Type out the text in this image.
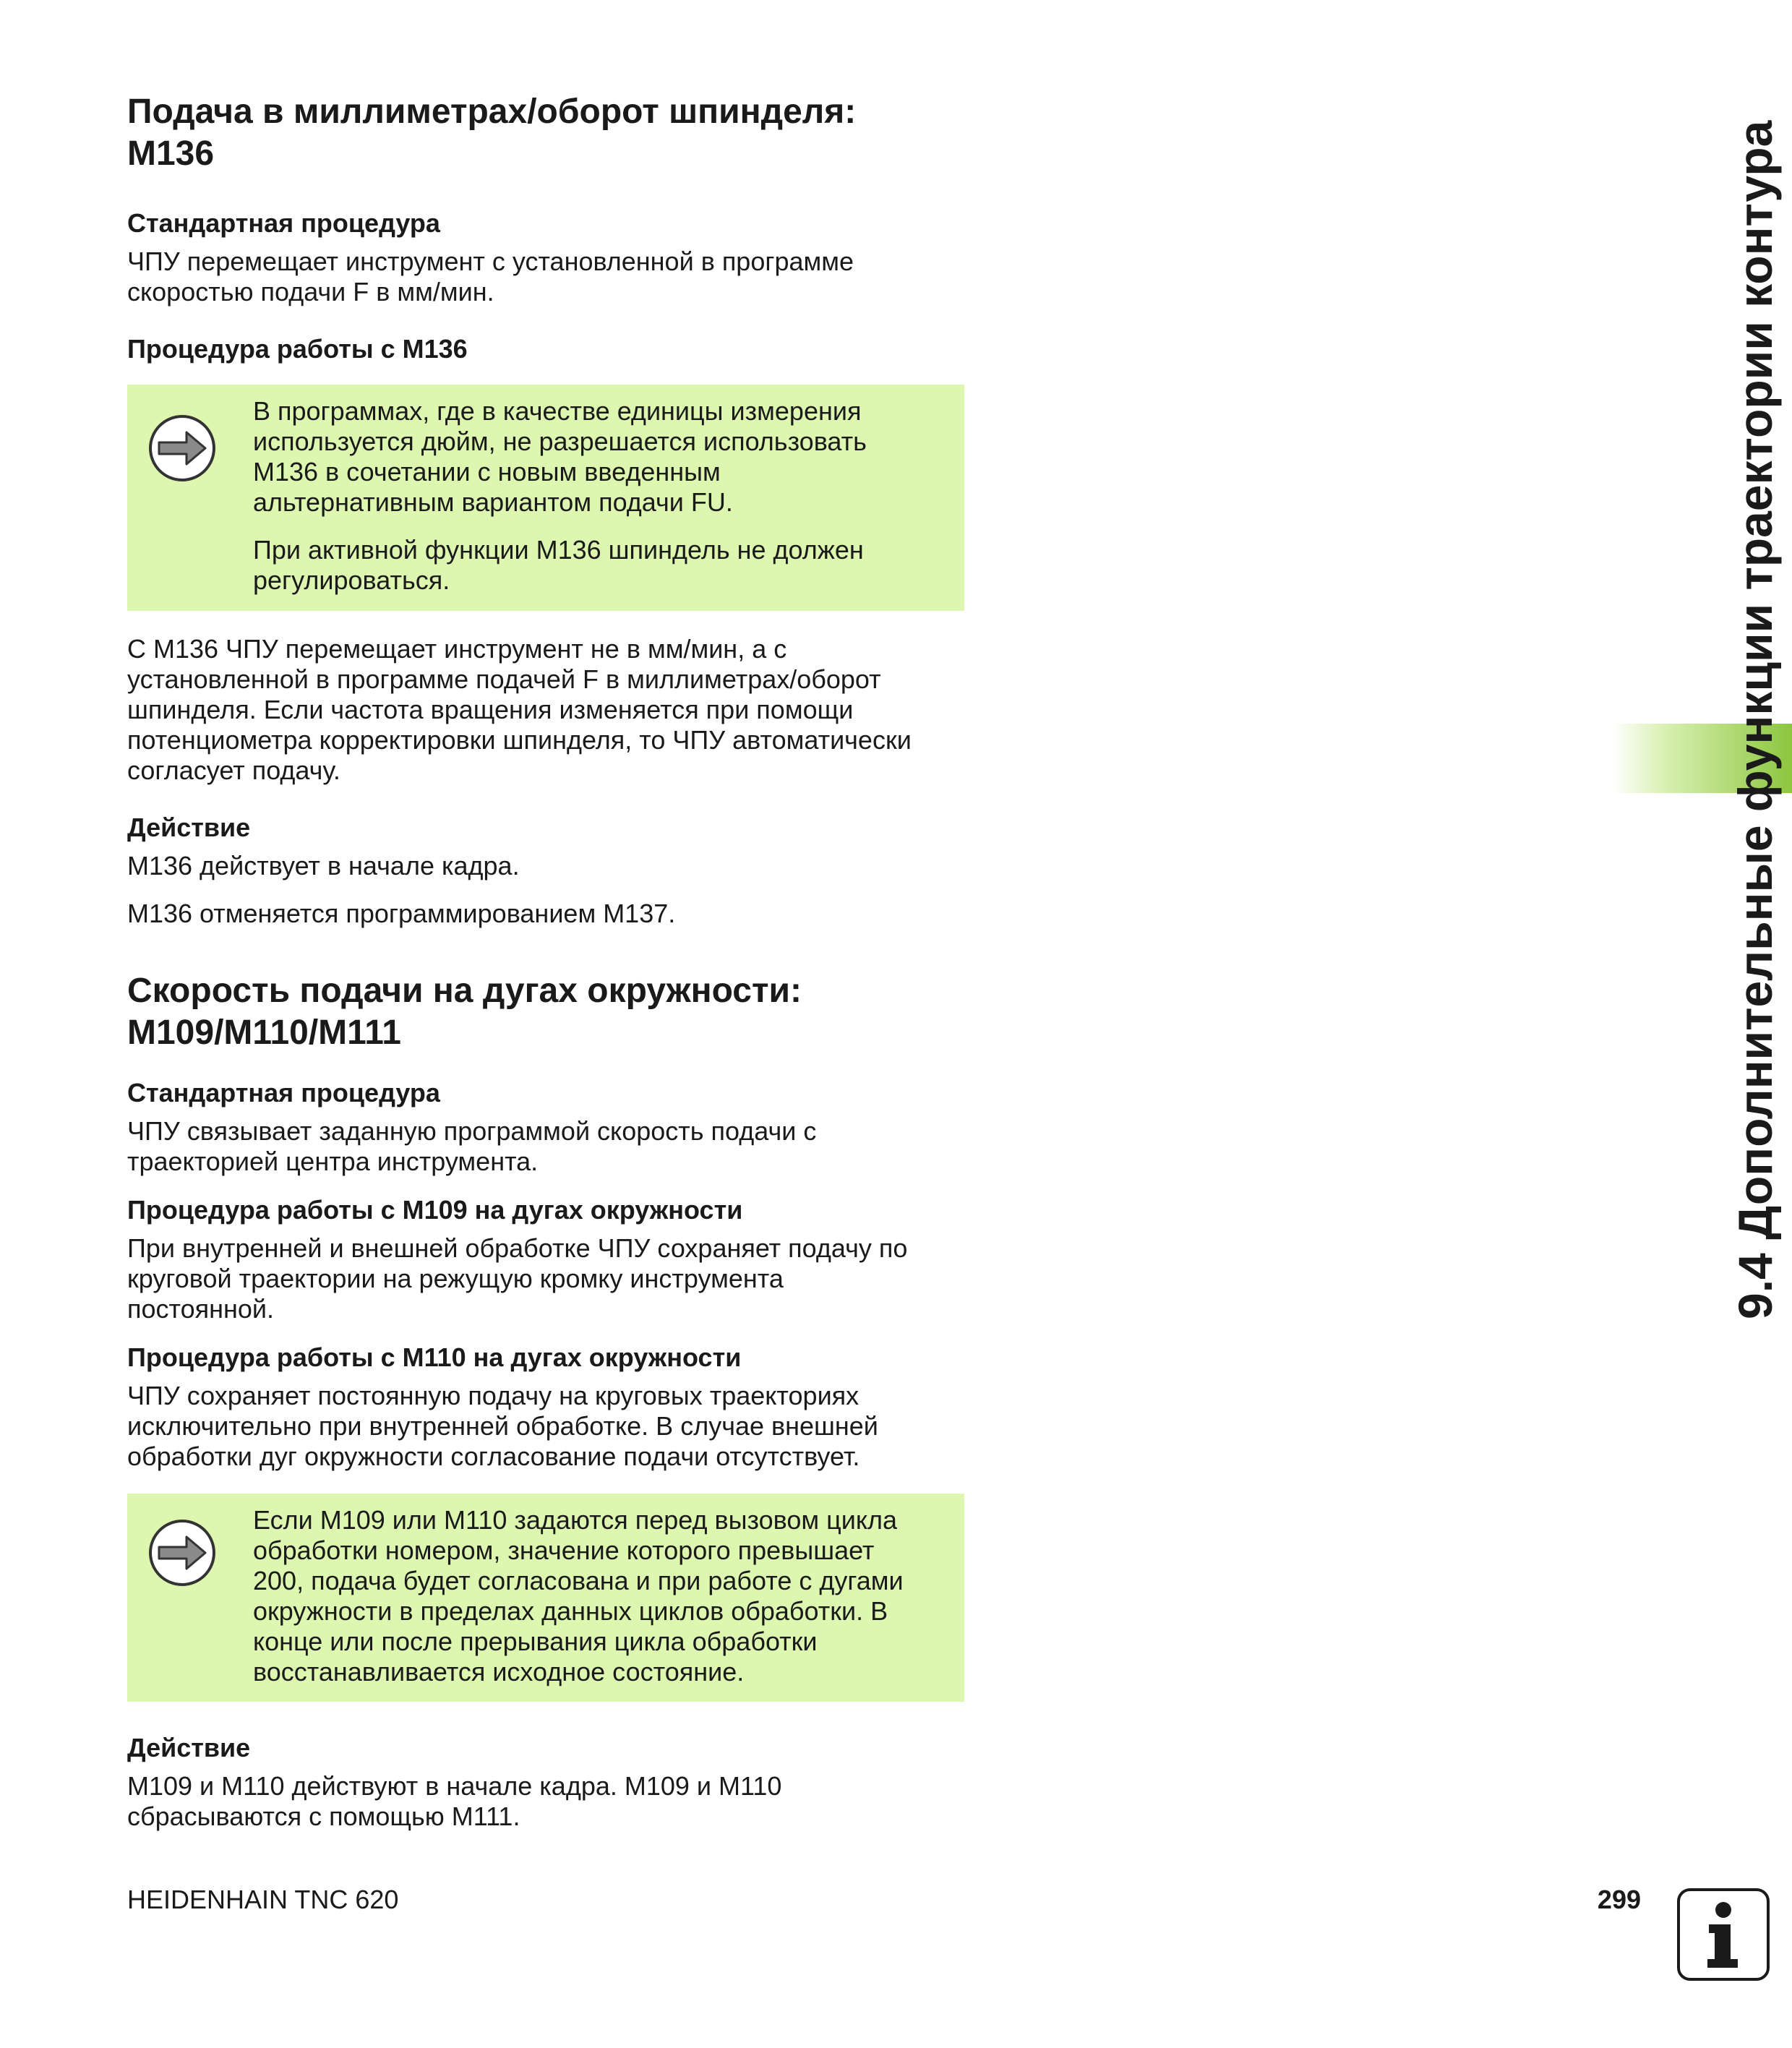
Подача в миллиметрах/оборот шпинделя:
M136
Стандартная процедура

ЧПУ перемещает инструмент с установленной в программе

скоростью подачи F в мм/мин.

Процедура работы с M136

В программах, где в качестве единицы измерения

используется дюйм, не разрешается использовать

M136 в сочетании с новым введенным

альтернативным вариантом подачи FU.

При активной функции M136 шпиндель не должен

регулироваться.

С M136 ЧПУ перемещает инструмент не в мм/мин, а с

установленной в программе подачей F в миллиметрах/оборот

шпинделя. Если частота вращения изменяется при помощи

потенциометра корректировки шпинделя, то ЧПУ автоматически

согласует подачу.

Действие

M136 действует в начале кадра.

M136 отменяется программированием M137.

Скорость подачи на дугах окружности:
M109/M110/M111
Стандартная процедура

ЧПУ связывает заданную программой скорость подачи с

траекторией центра инструмента.

Процедура работы с M109 на дугах окружности

При внутренней и внешней обработке ЧПУ сохраняет подачу по

круговой траектории на режущую кромку инструмента

постоянной.

Процедура работы с M110 на дугах окружности

ЧПУ сохраняет постоянную подачу на круговых траекториях

исключительно при внутренней обработке. В случае внешней

обработки дуг окружности согласование подачи отсутствует.

Если M109 или M110 задаются перед вызовом цикла

обработки номером, значение которого превышает

200, подача будет согласована и при работе с дугами

окружности в пределах данных циклов обработки. В

конце или после прерывания цикла обработки

восстанавливается исходное состояние.

Действие

M109 и M110 действуют в начале кадра. M109 и M110

сбрасываются с помощью M111.

9.4 Дополнительные функции траектории контура
HEIDENHAIN TNC 620	299
